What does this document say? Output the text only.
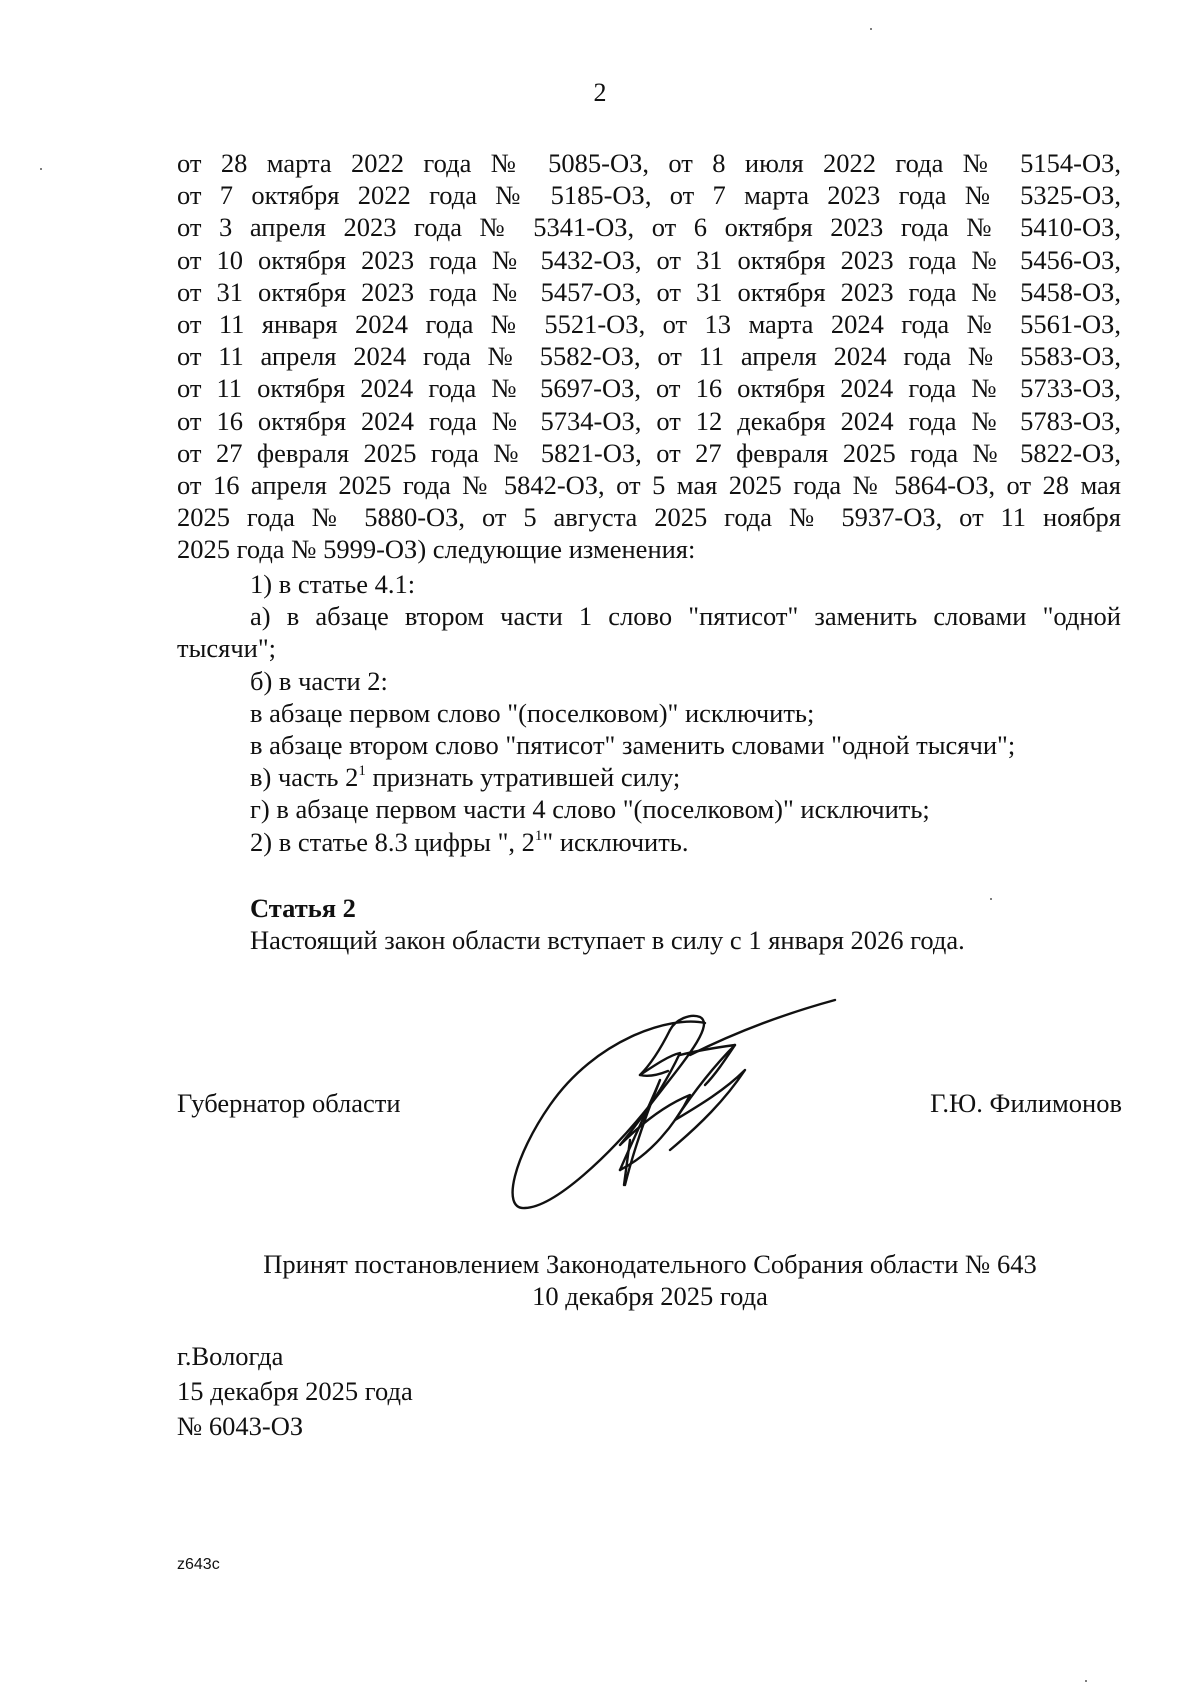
2
от 28 марта 2022 года № 5085-ОЗ, от 8 июля 2022 года № 5154-ОЗ,
от 7 октября 2022 года № 5185-ОЗ, от 7 марта 2023 года № 5325-ОЗ,
от 3 апреля 2023 года № 5341-ОЗ, от 6 октября 2023 года № 5410-ОЗ,
от 10 октября 2023 года № 5432-ОЗ, от 31 октября 2023 года № 5456-ОЗ,
от 31 октября 2023 года № 5457-ОЗ, от 31 октября 2023 года № 5458-ОЗ,
от 11 января 2024 года № 5521-ОЗ, от 13 марта 2024 года № 5561-ОЗ,
от 11 апреля 2024 года № 5582-ОЗ, от 11 апреля 2024 года № 5583-ОЗ,
от 11 октября 2024 года № 5697-ОЗ, от 16 октября 2024 года № 5733-ОЗ,
от 16 октября 2024 года № 5734-ОЗ, от 12 декабря 2024 года № 5783-ОЗ,
от 27 февраля 2025 года № 5821-ОЗ, от 27 февраля 2025 года № 5822-ОЗ,
от 16 апреля 2025 года № 5842-ОЗ, от 5 мая 2025 года № 5864-ОЗ, от 28 мая
2025 года № 5880-ОЗ, от 5 августа 2025 года № 5937-ОЗ, от 11 ноября
2025 года № 5999-ОЗ) следующие изменения:
1) в статье 4.1:
а) в абзаце втором части 1 слово "пятисот" заменить словами "одной тысячи";
б) в части 2:
в абзаце первом слово "(поселковом)" исключить;
в абзаце втором слово "пятисот" заменить словами "одной тысячи";
в) часть $2^1$ признать утратившей силу;
г) в абзаце первом части 4 слово "(поселковом)" исключить;
2) в статье 8.3 цифры ", $2^1$" исключить.
Статья 2
Настоящий закон области вступает в силу с 1 января 2026 года.
Губернатор области	Г.Ю. Филимонов
Принят постановлением Законодательного Собрания области № 643
10 декабря 2025 года
г.Вологда
15 декабря 2025 года
№ 6043-ОЗ
z643c
